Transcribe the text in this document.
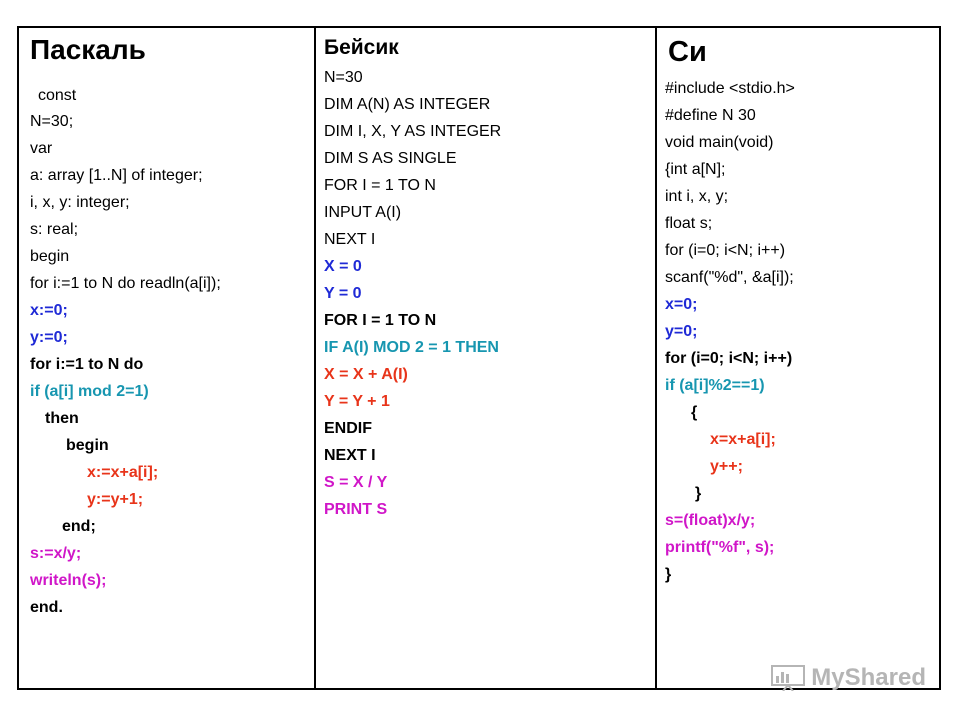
Паскаль
const
N=30;
var
a: array [1..N] of integer;
i, x, y: integer;
s: real;
begin
for i:=1 to N do readln(a[i]);
x:=0;
y:=0;
for i:=1 to N do
if (a[i] mod 2=1)
then
begin
x:=x+a[i];
y:=y+1;
end;
s:=x/y;
writeln(s);
end.
Бейсик
N=30
DIM A(N) AS INTEGER
DIM I, X, Y AS INTEGER
DIM S AS SINGLE
FOR I = 1 TO N
INPUT A(I)
NEXT I
X = 0
Y = 0
FOR I = 1 TO N
IF A(I) MOD 2 = 1 THEN
X = X + A(I)
Y = Y + 1
ENDIF
NEXT I
S = X / Y
PRINT S
Си
#include <stdio.h>
#define N 30
void main(void)
{int a[N];
int i, x, y;
float s;
for (i=0; i<N; i++)
scanf("%d", &a[i]);
x=0;
y=0;
for (i=0; i<N; i++)
if (a[i]%2==1)
{
x=x+a[i];
y++;
}
s=(float)x/y;
printf("%f", s);
}
MyShared
